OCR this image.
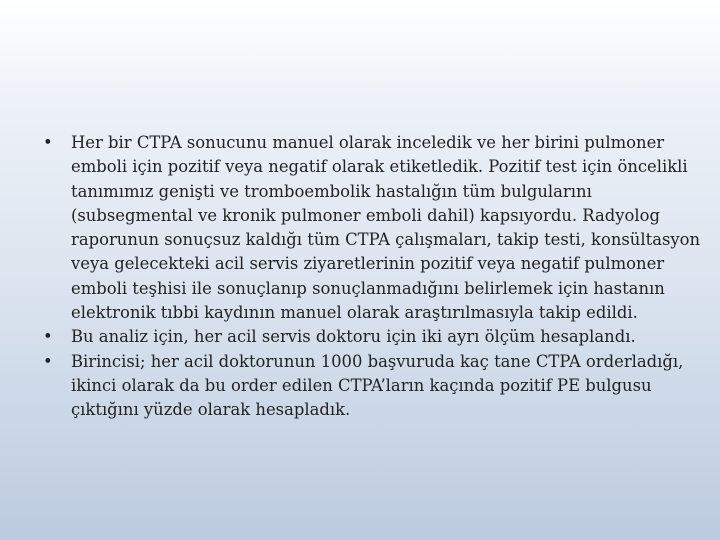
• Her bir CTPA sonucunu manuel olarak inceledik ve her birini pulmoner emboli için pozitif veya negatif olarak etiketledik. Pozitif test için öncelikli tanımımız genişti ve tromboembolik hastalığın tüm bulgularını (subsegmental ve kronik pulmoner emboli dahil) kapsıyordu. Radyolog raporunun sonuçsuz kaldığı tüm CTPA çalışmaları, takip testi, konsültasyon veya gelecekteki acil servis ziyaretlerinin pozitif veya negatif pulmoner emboli teşhisi ile sonuçlanıp sonuçlanmadığını belirlemek için hastanın elektronik tıbbi kaydının manuel olarak araştırılmasıyla takip edildi.
• Bu analiz için, her acil servis doktoru için iki ayrı ölçüm hesaplandı.
• Birincisi; her acil doktorunun 1000 başvuruda kaç tane CTPA orderladığı, ikinci olarak da bu order edilen CTPA’ların kaçında pozitif PE bulgusu çıktığını yüzde olarak hesapladık.
